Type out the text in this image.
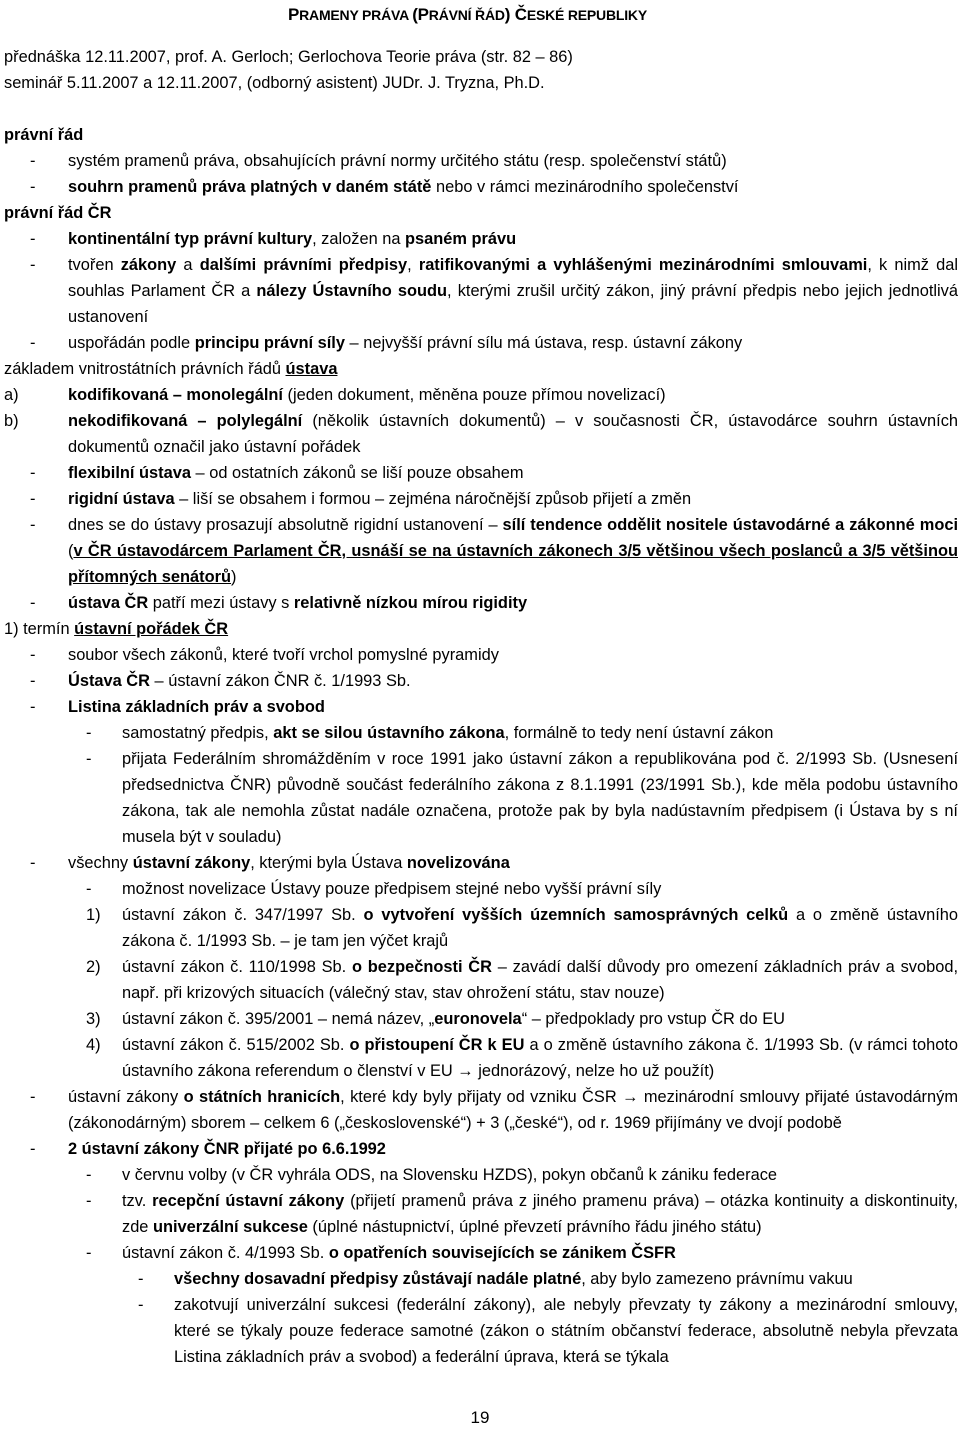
PRAMENY PRÁVA (PRÁVNÍ ŘÁD) ČESKÉ REPUBLIKY
přednáška 12.11.2007, prof. A. Gerloch; Gerlochova Teorie práva (str. 82 – 86)
seminář 5.11.2007 a 12.11.2007, (odborný asistent) JUDr. J. Tryzna, Ph.D.
právní řád
-	systém pramenů práva, obsahujících právní normy určitého státu (resp. společenství států)
-	souhrn pramenů práva platných v daném státě nebo v rámci mezinárodního společenství
právní řád ČR
-	kontinentální typ právní kultury, založen na psaném právu
-	tvořen zákony a dalšími právními předpisy, ratifikovanými a vyhlášenými mezinárodními smlouvami, k nimž dal souhlas Parlament ČR a nálezy Ústavního soudu, kterými zrušil určitý zákon, jiný právní předpis nebo jejich jednotlivá ustanovení
-	uspořádán podle principu právní síly – nejvyšší právní sílu má ústava, resp. ústavní zákony
základem vnitrostátních právních řádů ústava
a)	kodifikovaná – monolegální (jeden dokument, měněna pouze přímou novelizací)
b)	nekodifikovaná – polylegální (několik ústavních dokumentů) – v současnosti ČR, ústavodárce souhrn ústavních dokumentů označil jako ústavní pořádek
-	flexibilní ústava – od ostatních zákonů se liší pouze obsahem
-	rigidní ústava – liší se obsahem i formou – zejména náročnější způsob přijetí a změn
-	dnes se do ústavy prosazují absolutně rigidní ustanovení – sílí tendence oddělit nositele ústavodárné a zákonné moci (v ČR ústavodárcem Parlament ČR, usnáší se na ústavních zákonech 3/5 většinou všech poslanců a 3/5 většinou přítomných senátorů)
-	ústava ČR patří mezi ústavy s relativně nízkou mírou rigidity
1) termín ústavní pořádek ČR
-	soubor všech zákonů, které tvoří vrchol pomyslné pyramidy
-	Ústava ČR – ústavní zákon ČNR č. 1/1993 Sb.
-	Listina základních práv a svobod
-	samostatný předpis, akt se silou ústavního zákona, formálně to tedy není ústavní zákon
-	přijata Federálním shromážděním v roce 1991 jako ústavní zákon a republikována pod č. 2/1993 Sb. (Usnesení předsednictva ČNR) původně součást federálního zákona z 8.1.1991 (23/1991 Sb.), kde měla podobu ústavního zákona, tak ale nemohla zůstat nadále označena, protože pak by byla nadústavním předpisem (i Ústava by s ní musela být v souladu)
-	všechny ústavní zákony, kterými byla Ústava novelizována
-	možnost novelizace Ústavy pouze předpisem stejné nebo vyšší právní síly
1)	ústavní zákon č. 347/1997 Sb. o vytvoření vyšších územních samosprávných celků a o změně ústavního zákona č. 1/1993 Sb. – je tam jen výčet krajů
2)	ústavní zákon č. 110/1998 Sb. o bezpečnosti ČR – zavádí další důvody pro omezení základních práv a svobod, např. při krizových situacích (válečný stav, stav ohrožení státu, stav nouze)
3)	ústavní zákon č. 395/2001 – nemá název, „euronovela“ – předpoklady pro vstup ČR do EU
4)	ústavní zákon č. 515/2002 Sb. o přistoupení ČR k EU a o změně ústavního zákona č. 1/1993 Sb. (v rámci tohoto ústavního zákona referendum o členství v EU → jednorázový, nelze ho už použít)
-	ústavní zákony o státních hranicích, které kdy byly přijaty od vzniku ČSR → mezinárodní smlouvy přijaté ústavodárným (zákonodárným) sborem – celkem 6 („československé“) + 3 („české“), od r. 1969 přijímány ve dvojí podobě
-	2 ústavní zákony ČNR přijaté po 6.6.1992
-	v červnu volby (v ČR vyhrála ODS, na Slovensku HZDS), pokyn občanů k zániku federace
-	tzv. recepční ústavní zákony (přijetí pramenů práva z jiného pramenu práva) – otázka kontinuity a diskontinuity, zde univerzální sukcese (úplné nástupnictví, úplné převzetí právního řádu jiného státu)
-	ústavní zákon č. 4/1993 Sb. o opatřeních souvisejících se zánikem ČSFR
-	všechny dosavadní předpisy zůstávají nadále platné, aby bylo zamezeno právnímu vakuu
-	zakotvují univerzální sukcesi (federální zákony), ale nebyly převzaty ty zákony a mezinárodní smlouvy, které se týkaly pouze federace samotné (zákon o státním občanství federace, absolutně nebyla převzata Listina základních práv a svobod) a federální úprava, která se týkala
19
